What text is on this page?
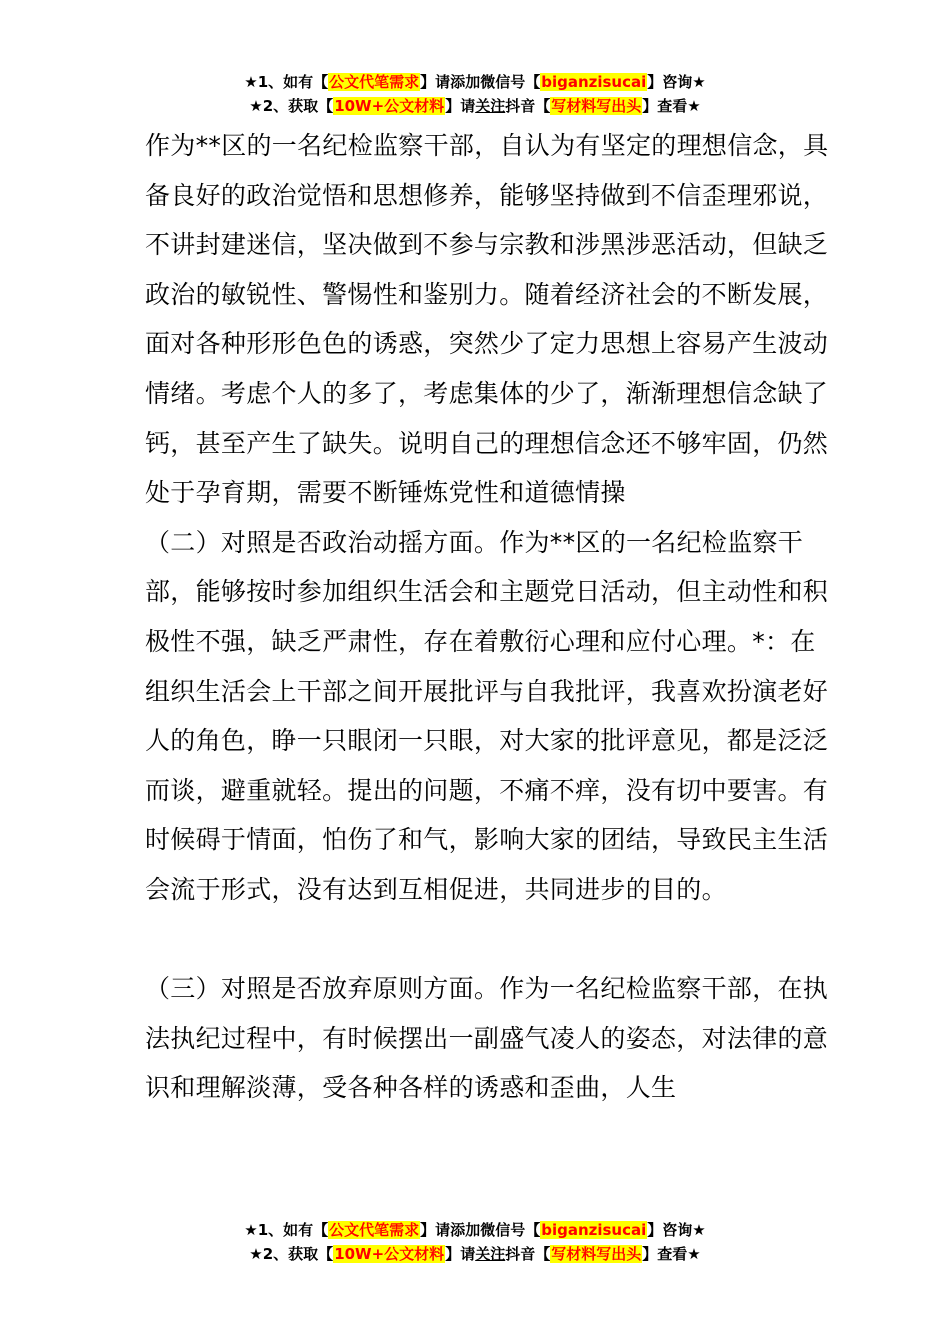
★1、如有【公文代笔需求】请添加微信号【biganzisucai】咨询★
★2、获取【10W+公文材料】请关注抖音【写材料写出头】查看★

作为**区的一名纪检监察干部，自认为有坚定的理想信念，具备良好的政治觉悟和思想修养，能够坚持做到不信歪理邪说，不讲封建迷信，坚决做到不参与宗教和涉黑涉恶活动，但缺乏政治的敏锐性、警惕性和鉴别力。随着经济社会的不断发展，面对各种形形色色的诱惑，突然少了定力思想上容易产生波动情绪。考虑个人的多了，考虑集体的少了，渐渐理想信念缺了钙，甚至产生了缺失。说明自己的理想信念还不够牢固，仍然处于孕育期，需要不断锤炼党性和道德情操

（二）对照是否政治动摇方面。作为**区的一名纪检监察干部，能够按时参加组织生活会和主题党日活动，但主动性和积极性不强，缺乏严肃性，存在着敷衍心理和应付心理。*：在组织生活会上干部之间开展批评与自我批评，我喜欢扮演老好人的角色，睁一只眼闭一只眼，对大家的批评意见，都是泛泛而谈，避重就轻。提出的问题，不痛不痒，没有切中要害。有时候碍于情面，怕伤了和气，影响大家的团结，导致民主生活会流于形式，没有达到互相促进，共同进步的目的。

（三）对照是否放弃原则方面。作为一名纪检监察干部，在执法执纪过程中，有时候摆出一副盛气凌人的姿态，对法律的意识和理解淡薄，受各种各样的诱惑和歪曲，人生

★1、如有【公文代笔需求】请添加微信号【biganzisucai】咨询★
★2、获取【10W+公文材料】请关注抖音【写材料写出头】查看★
